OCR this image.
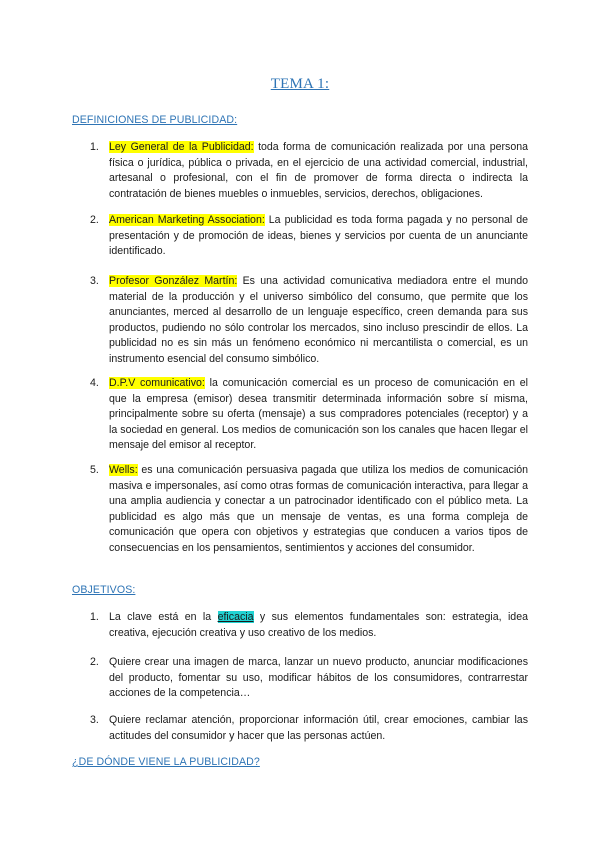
TEMA 1:
DEFINICIONES DE PUBLICIDAD:
1. Ley General de la Publicidad: toda forma de comunicación realizada por una persona física o jurídica, pública o privada, en el ejercicio de una actividad comercial, industrial, artesanal o profesional, con el fin de promover de forma directa o indirecta la contratación de bienes muebles o inmuebles, servicios, derechos, obligaciones.
2. American Marketing Association: La publicidad es toda forma pagada y no personal de presentación y de promoción de ideas, bienes y servicios por cuenta de un anunciante identificado.
3. Profesor González Martín: Es una actividad comunicativa mediadora entre el mundo material de la producción y el universo simbólico del consumo, que permite que los anunciantes, merced al desarrollo de un lenguaje específico, creen demanda para sus productos, pudiendo no sólo controlar los mercados, sino incluso prescindir de ellos. La publicidad no es sin más un fenómeno económico ni mercantilista o comercial, es un instrumento esencial del consumo simbólico.
4. D.P.V comunicativo: la comunicación comercial es un proceso de comunicación en el que la empresa (emisor) desea transmitir determinada información sobre sí misma, principalmente sobre su oferta (mensaje) a sus compradores potenciales (receptor) y a la sociedad en general. Los medios de comunicación son los canales que hacen llegar el mensaje del emisor al receptor.
5. Wells: es una comunicación persuasiva pagada que utiliza los medios de comunicación masiva e impersonales, así como otras formas de comunicación interactiva, para llegar a una amplia audiencia y conectar a un patrocinador identificado con el público meta. La publicidad es algo más que un mensaje de ventas, es una forma compleja de comunicación que opera con objetivos y estrategias que conducen a varios tipos de consecuencias en los pensamientos, sentimientos y acciones del consumidor.
OBJETIVOS:
1. La clave está en la eficacia y sus elementos fundamentales son: estrategia, idea creativa, ejecución creativa y uso creativo de los medios.
2. Quiere crear una imagen de marca, lanzar un nuevo producto, anunciar modificaciones del producto, fomentar su uso, modificar hábitos de los consumidores, contrarrestar acciones de la competencia…
3. Quiere reclamar atención, proporcionar información útil, crear emociones, cambiar las actitudes del consumidor y hacer que las personas actúen.
¿DE DÓNDE VIENE LA PUBLICIDAD?
